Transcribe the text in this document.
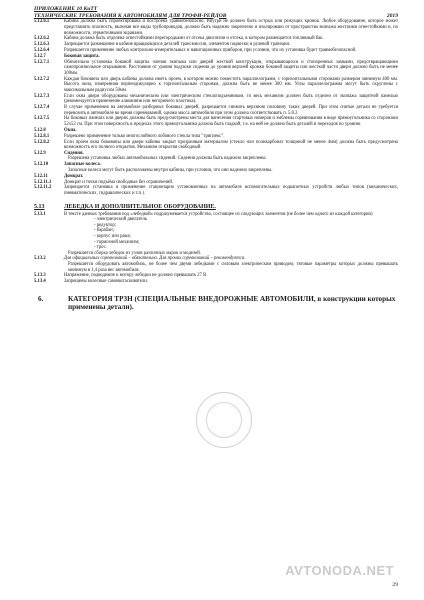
ПРИЛОЖЕНИЕ 10 КиТТ
ТЕХНИЧЕСКИЕ ТРЕБОВАНИЯ К АВТОМОБИЛЯМ ДЛЯ ТРОФИ-РЕЙДОВ	2019
5.12.6.1	Кабина должна быть спроектирована и построена травмобезопасно. Внутри не должно быть острых или режущих кромок. Любое оборудование, которое может представлять опасность, включая все виды трубопроводов, должно быть надежно закреплено и изолировано от пространства экипажа жесткими огнестойкими и, по возможности, герметичными экранами.
5.12.6.2	Кабина должна быть отделена огнестойкими перегородками от отсека двигателя и отсека, в котором размещается топливный бак.
5.12.6.3	Запрещается размещение в кабине вращающихся деталей трансмиссии, элементов подвески и рулевой трапеции.
5.12.6.4	Разрешается применение любых контрольно-измерительных и навигационных приборов, при условии, что их установка будет травмобезопасной.
5.12.7	Боковая защита.
5.12.7.1	Обязательна установка боковой защиты членов экипажа или дверей жесткой конструкции, открывающихся и стопоренных замками, предотвращающими самопроизвольное открывание. Расстояние от уровня подушки сидения до уровня верхней кромки боковой защиты или жесткой части двери должно быть не менее 300мм.
5.12.7.2	Каждая боковина или дверь кабины должна иметь проем, в котором можно поместить параллелограмм, с горизонтальными сторонами размером минимум 400 мм. Высота окна, измеренная перпендикулярно к горизонтальным сторонам, должна быть не менее 300 мм. Углы параллелограмма могут быть скруглены с максимальным радиусом 50мм.
5.12.7.3	Если окна двери оборудованы механическим или электрическим стеклоподъемником, то весь механизм должен быть отделен от экипажа защитной панелью (рекомендуется применение алюминия или негорючего пластика).
5.12.7.4	В случае применения на автомобиле разборных боковых дверей, разрешается снимать верхнюю половину таких дверей. При этом снятые детали не требуется перевозить в автомобиле во время соревнований, однако масса автомобиля при этом должна соответствовать п. 5.8.2
5.12.7.5	На боковых панелях или дверях должны быть предусмотрены места для нанесения стартовых номеров и эмблемы соревнования в виде прямоугольника со сторонами 52х52 см. При этом поверхность в пределах этого прямоугольника должна быть гладкой, т.е. на ней не должно быть деталей и переходов по уровню.
5.12.8	Окна.
5.12.8.1	Разрешено применение только многослойного лобового стекла типа "триплекс".
5.12.8.2	Если проем окна боковины или двери кабины закрыт прозрачным материалом (стекло или поликарбонат толщиной не менее 4мм) должна быть предусмотрена возможность его полного открытия. Механизм открытия свободный.
5.12.9	Сидения.
Разрешена установка любых автомобильных сидений. Сидения должны быть надежно закреплены.
5.12.10	Запасные колеса.
Запасные колеса могут быть расположены внутри кабины, при условии, что они надежно закреплены.
5.12.11	Домкрат.
5.12.11.1	Домкрат и точки подъёма свободные без ограничений.
5.12.11.2	Запрещается установка и применение стационарно установленных на автомобиле вспомогательных подкапотных устройств любых типов (механических, пневматических, гидравлических и т.п.).
5.13	ЛЕБЕДКА И ДОПОЛНИТЕЛЬНОЕ ОБОРУДОВАНИЕ.
5.13.1	В тексте данных требования под «лебедкой» подразумевается устройство, состоящее из следующих элементов (не более чем одного из каждой категории)
- электрический двигатель
- редуктор;
- барабан;
- корпус или рама;
- тормозной механизм;
- трос.
Разрешается сборка лебедок из узлов различных марок и моделей.
5.13.2	Для официальных соревнований – обязательно. Для прочих соревнований – рекомендуется.
Разрешается оборудовать автомобиль, не более чем двумя лебедками с силовым электрическим приводом, тяговые параметры которых должны превышать минимум в 1,4 раза вес автомобиля.
5.13.3	Напряжение, подводимое к мотору лебедки не должно превышать 27 В.
5.13.4	Запрещены колесные самовытаскиватели.
6.	КАТЕГОРИЯ ТР3Н (СПЕЦИАЛЬНЫЕ ВНЕДОРОЖНЫЕ АВТОМОБИЛИ, в конструкции которых применены детали).
AVTONODA.NET
29
